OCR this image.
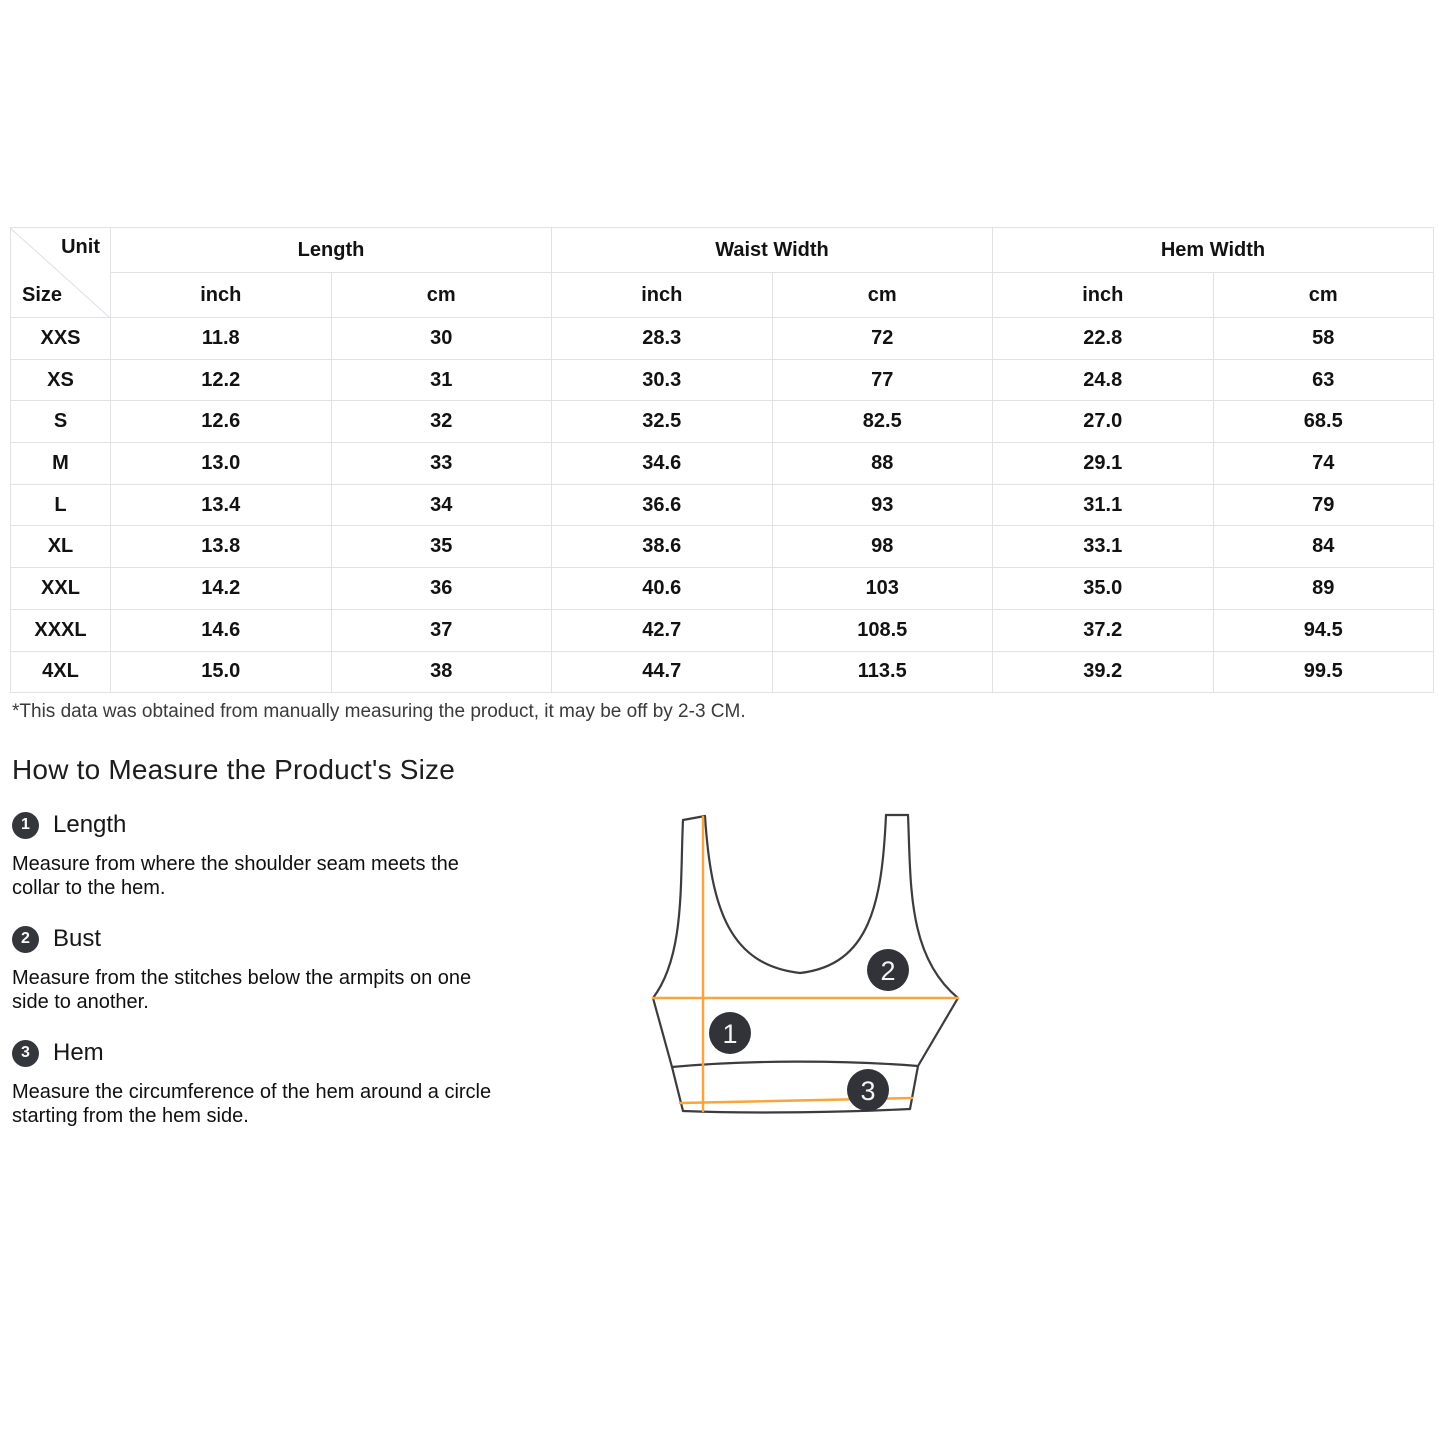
Unit
Size	Length		Waist Width		Hem Width	
	inch	cm	inch	cm	inch	cm
XXS	11.8	30	28.3	72	22.8	58
XS	12.2	31	30.3	77	24.8	63
S	12.6	32	32.5	82.5	27.0	68.5
M	13.0	33	34.6	88	29.1	74
L	13.4	34	36.6	93	31.1	79
XL	13.8	35	38.6	98	33.1	84
XXL	14.2	36	40.6	103	35.0	89
XXXL	14.6	37	42.7	108.5	37.2	94.5
4XL	15.0	38	44.7	113.5	39.2	99.5

*This data was obtained from manually measuring the product, it may be off by 2-3 CM.

How to Measure the Product's Size
1 Length

Measure from where the shoulder seam meets the
collar to the hem.

2 Bust

Measure from the stitches below the armpits on one
side to another.

3 Hem

Measure the circumference of the hem around a circle
starting from the hem side.

1
2
3
